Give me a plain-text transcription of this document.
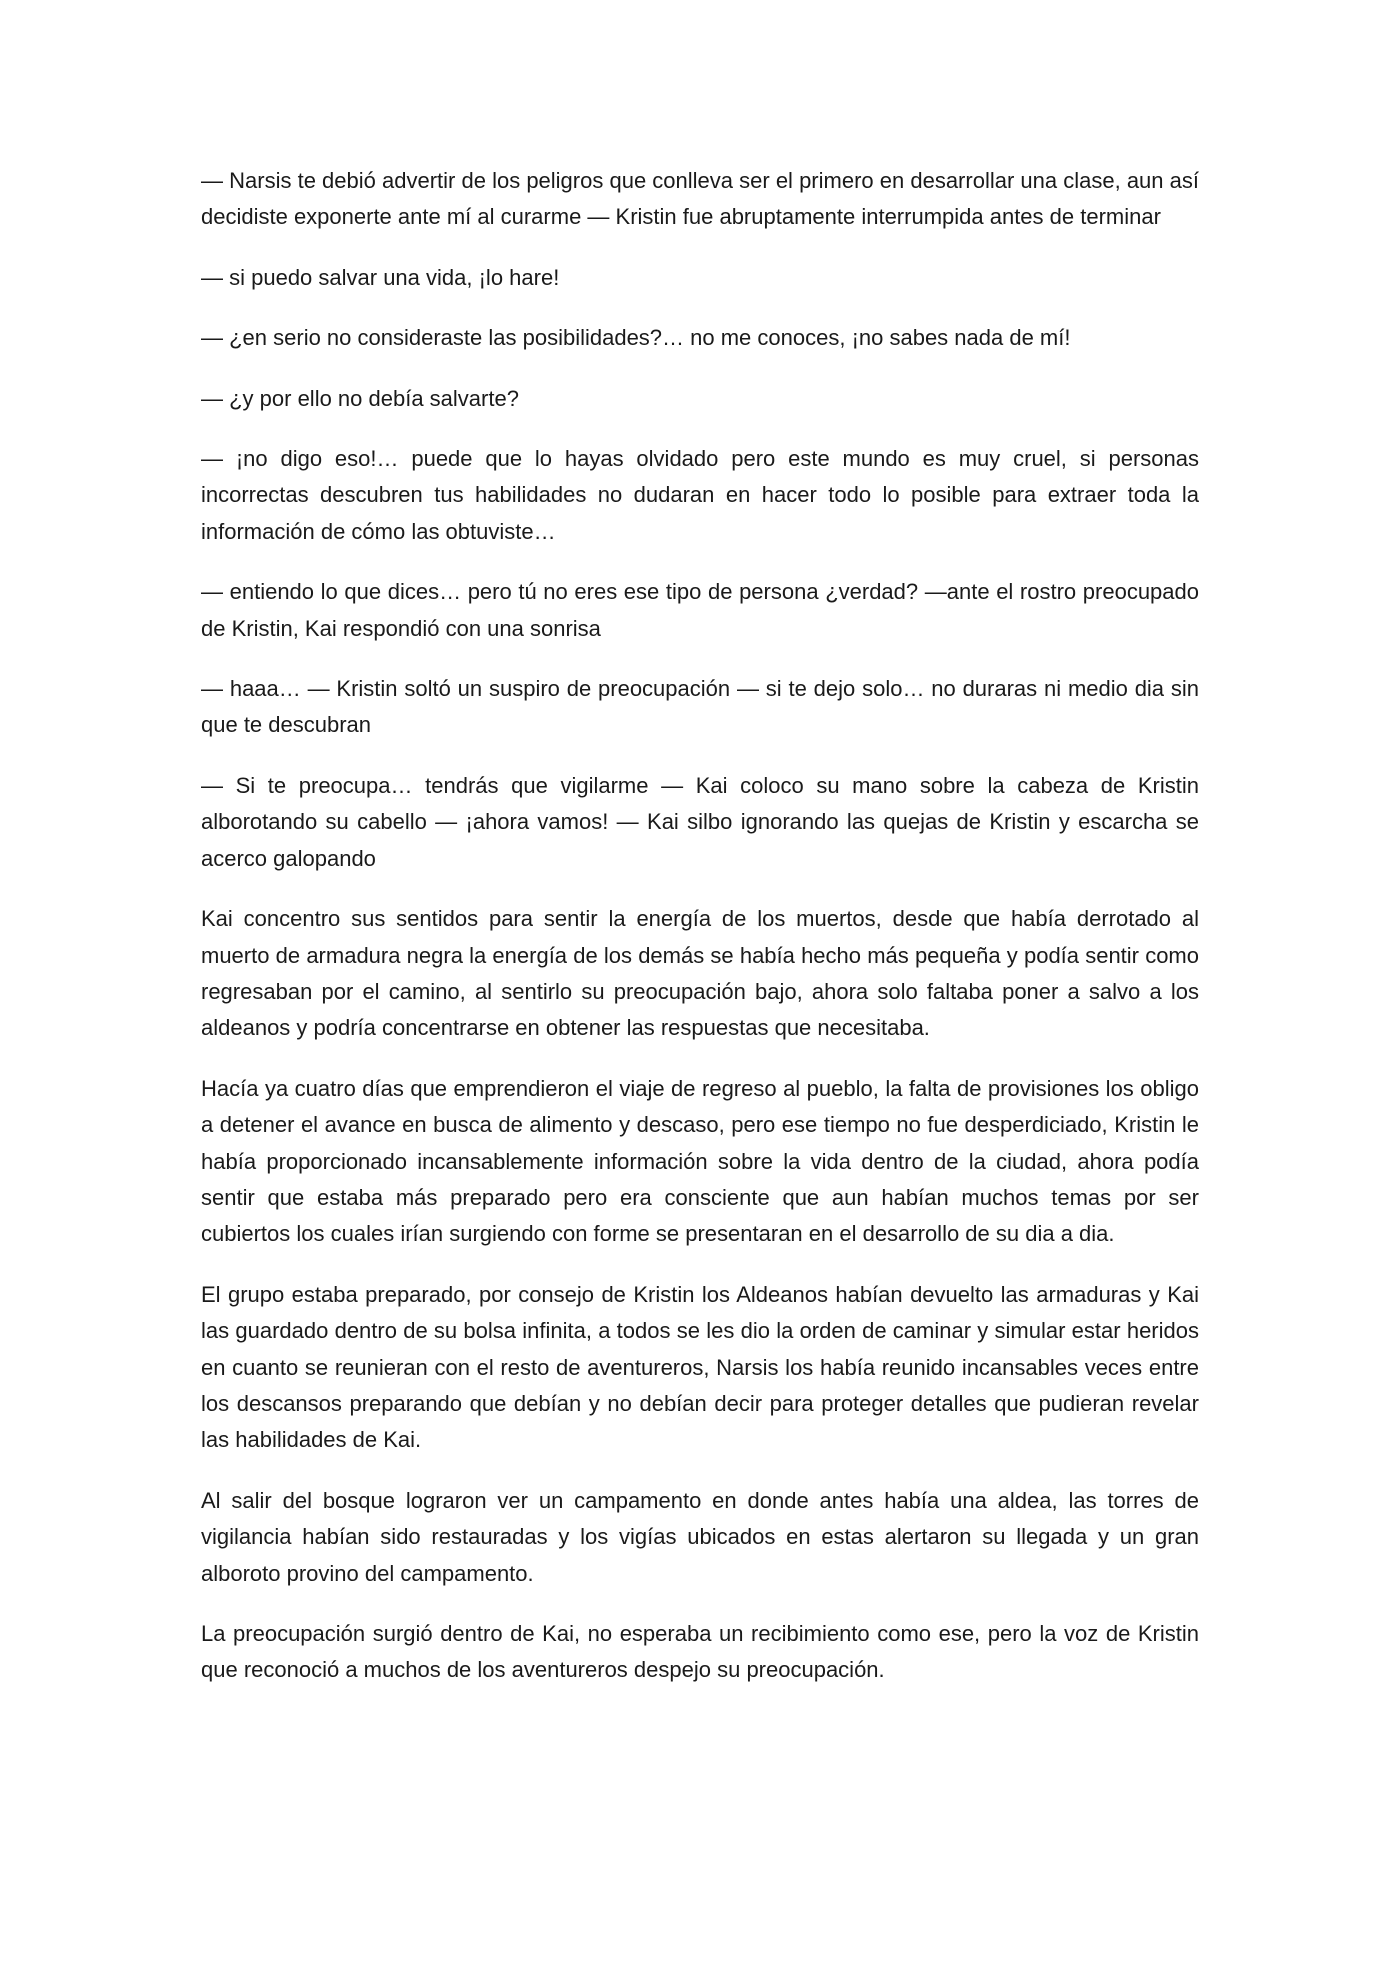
— Narsis te debió advertir de los peligros que conlleva ser el primero en desarrollar una clase, aun así decidiste exponerte ante mí al curarme — Kristin fue abruptamente interrumpida antes de terminar

— si puedo salvar una vida, ¡lo hare!

— ¿en serio no consideraste las posibilidades?… no me conoces, ¡no sabes nada de mí!

— ¿y por ello no debía salvarte?

— ¡no digo eso!… puede que lo hayas olvidado pero este mundo es muy cruel, si personas incorrectas descubren tus habilidades no dudaran en hacer todo lo posible para extraer toda la información de cómo las obtuviste…

— entiendo lo que dices… pero tú no eres ese tipo de persona ¿verdad? —ante el rostro preocupado de Kristin, Kai respondió con una sonrisa

— haaa… — Kristin soltó un suspiro de preocupación — si te dejo solo… no duraras ni medio dia sin que te descubran

— Si te preocupa… tendrás que vigilarme — Kai coloco su mano sobre la cabeza de Kristin alborotando su cabello — ¡ahora vamos! — Kai silbo ignorando las quejas de Kristin y escarcha se acerco galopando

Kai concentro sus sentidos para sentir la energía de los muertos, desde que había derrotado al muerto de armadura negra la energía de los demás se había hecho más pequeña y podía sentir como regresaban por el camino, al sentirlo su preocupación bajo, ahora solo faltaba poner a salvo a los aldeanos y podría concentrarse en obtener las respuestas que necesitaba.

Hacía ya cuatro días que emprendieron el viaje de regreso al pueblo, la falta de provisiones los obligo a detener el avance en busca de alimento y descaso, pero ese tiempo no fue desperdiciado, Kristin le había proporcionado incansablemente información sobre la vida dentro de la ciudad, ahora podía sentir que estaba más preparado pero era consciente que aun habían muchos temas por ser cubiertos los cuales irían surgiendo con forme se presentaran en el desarrollo de su dia a dia.

El grupo estaba preparado, por consejo de Kristin los Aldeanos habían devuelto las armaduras y Kai las guardado dentro de su bolsa infinita, a todos se les dio la orden de caminar y simular estar heridos en cuanto se reunieran con el resto de aventureros, Narsis los había reunido incansables veces entre los descansos preparando que debían y no debían decir para proteger detalles que pudieran revelar las habilidades de Kai.

Al salir del bosque lograron ver un campamento en donde antes había una aldea, las torres de vigilancia habían sido restauradas y los vigías ubicados en estas alertaron su llegada y un gran alboroto provino del campamento.

La preocupación surgió dentro de Kai, no esperaba un recibimiento como ese, pero la voz de Kristin que reconoció a muchos de los aventureros despejo su preocupación.
